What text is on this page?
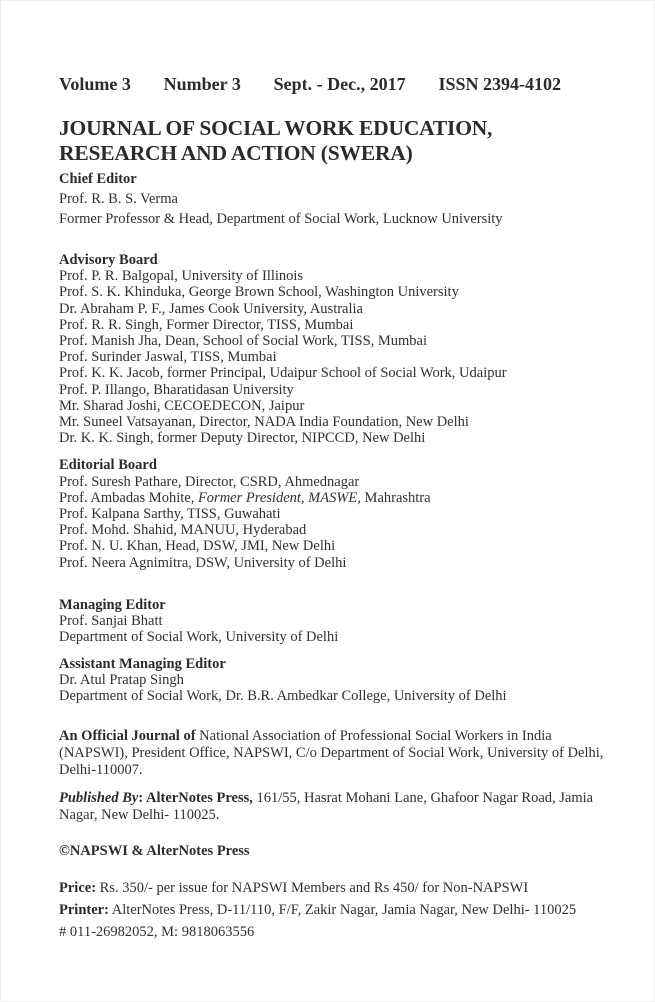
Volume 3 Number 3 Sept. - Dec., 2017 ISSN 2394-4102
JOURNAL OF SOCIAL WORK EDUCATION, RESEARCH AND ACTION (SWERA)
Chief Editor
Prof. R. B. S. Verma
Former Professor & Head, Department of Social Work, Lucknow University
Advisory Board
Prof. P. R. Balgopal, University of Illinois
Prof. S. K. Khinduka, George Brown School, Washington University
Dr. Abraham P. F., James Cook University, Australia
Prof. R. R. Singh, Former Director, TISS, Mumbai
Prof. Manish Jha, Dean, School of Social Work, TISS, Mumbai
Prof. Surinder Jaswal, TISS, Mumbai
Prof. K. K. Jacob, former Principal, Udaipur School of Social Work, Udaipur
Prof. P. Illango, Bharatidasan University
Mr. Sharad Joshi, CECOEDECON, Jaipur
Mr. Suneel Vatsayanan, Director, NADA India Foundation, New Delhi
Dr. K. K. Singh, former Deputy Director, NIPCCD, New Delhi
Editorial Board
Prof. Suresh Pathare, Director, CSRD, Ahmednagar
Prof. Ambadas Mohite, Former President, MASWE, Mahrashtra
Prof. Kalpana Sarthy, TISS, Guwahati
Prof. Mohd. Shahid, MANUU, Hyderabad
Prof. N. U. Khan, Head, DSW, JMI, New Delhi
Prof. Neera Agnimitra, DSW, University of Delhi
Managing Editor
Prof. Sanjai Bhatt
Department of Social Work, University of Delhi
Assistant Managing Editor
Dr. Atul Pratap Singh
Department of Social Work, Dr. B.R. Ambedkar College, University of Delhi
An Official Journal of National Association of Professional Social Workers in India (NAPSWI), President Office, NAPSWI, C/o Department of Social Work, University of Delhi, Delhi-110007.
Published By: AlterNotes Press, 161/55, Hasrat Mohani Lane, Ghafoor Nagar Road, Jamia Nagar, New Delhi- 110025.
©NAPSWI & AlterNotes Press
Price: Rs. 350/- per issue for NAPSWI Members and Rs 450/ for Non-NAPSWI
Printer: AlterNotes Press, D-11/110, F/F, Zakir Nagar, Jamia Nagar, New Delhi- 110025
# 011-26982052, M: 9818063556
